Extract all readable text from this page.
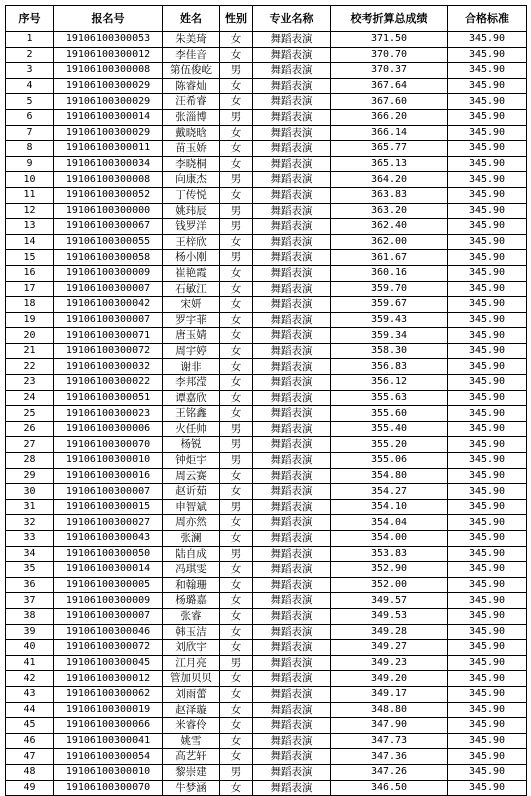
序号	报名号	姓名	性别	专业名称	校考折算总成绩	合格标准
1	19106100300053	朱美琦	女	舞蹈表演	371.50	345.90
2	19106100300012	李佳音	女	舞蹈表演	370.70	345.90
3	19106100300008	第伍俊屹	男	舞蹈表演	370.37	345.90
4	19106100300029	陈睿灿	女	舞蹈表演	367.64	345.90
5	19106100300029	汪希睿	女	舞蹈表演	367.60	345.90
6	19106100300014	张淄博	男	舞蹈表演	366.20	345.90
7	19106100300029	戴晓晗	女	舞蹈表演	366.14	345.90
8	19106100300011	苗玉娇	女	舞蹈表演	365.77	345.90
9	19106100300034	李晓桐	女	舞蹈表演	365.13	345.90
10	19106100300008	向康杰	男	舞蹈表演	364.20	345.90
11	19106100300052	丁传悦	女	舞蹈表演	363.83	345.90
12	19106100300000	姚玮辰	男	舞蹈表演	363.20	345.90
13	19106100300067	钱罗洋	男	舞蹈表演	362.40	345.90
14	19106100300055	王梓欣	女	舞蹈表演	362.00	345.90
15	19106100300058	杨小刚	男	舞蹈表演	361.67	345.90
16	19106100300009	崔艳霞	女	舞蹈表演	360.16	345.90
17	19106100300007	石敏江	女	舞蹈表演	359.70	345.90
18	19106100300042	宋妍	女	舞蹈表演	359.67	345.90
19	19106100300007	罗宇菲	女	舞蹈表演	359.43	345.90
20	19106100300071	唐玉婧	女	舞蹈表演	359.34	345.90
21	19106100300072	周宇婷	女	舞蹈表演	358.30	345.90
22	19106100300032	谢非	女	舞蹈表演	356.83	345.90
23	19106100300022	李邦滢	女	舞蹈表演	356.12	345.90
24	19106100300051	谭嘉欣	女	舞蹈表演	355.63	345.90
25	19106100300023	王铭鑫	女	舞蹈表演	355.60	345.90
26	19106100300006	火任帅	男	舞蹈表演	355.40	345.90
27	19106100300070	杨锐	男	舞蹈表演	355.20	345.90
28	19106100300010	钟炬宇	男	舞蹈表演	355.06	345.90
29	19106100300016	周云赛	女	舞蹈表演	354.80	345.90
30	19106100300007	赵䜣茹	女	舞蹈表演	354.27	345.90
31	19106100300015	申智斌	男	舞蹈表演	354.10	345.90
32	19106100300027	周亦然	女	舞蹈表演	354.04	345.90
33	19106100300043	张澜	女	舞蹈表演	354.00	345.90
34	19106100300050	陆自成	男	舞蹈表演	353.83	345.90
35	19106100300014	冯琪雯	女	舞蹈表演	352.90	345.90
36	19106100300005	和翰珊	女	舞蹈表演	352.00	345.90
37	19106100300009	杨璐嘉	女	舞蹈表演	349.57	345.90
38	19106100300007	张睿	女	舞蹈表演	349.53	345.90
39	19106100300046	韩玉洁	女	舞蹈表演	349.28	345.90
40	19106100300072	刘欣宇	女	舞蹈表演	349.27	345.90
41	19106100300045	江月亮	男	舞蹈表演	349.23	345.90
42	19106100300012	管加贝贝	女	舞蹈表演	349.20	345.90
43	19106100300062	刘雨蕾	女	舞蹈表演	349.17	345.90
44	19106100300019	赵泽璇	女	舞蹈表演	348.80	345.90
45	19106100300066	米睿伶	女	舞蹈表演	347.90	345.90
46	19106100300041	姚雪	女	舞蹈表演	347.73	345.90
47	19106100300054	高艺轩	女	舞蹈表演	347.36	345.90
48	19106100300010	黎崇建	男	舞蹈表演	347.26	345.90
49	19106100300070	牛梦涵	女	舞蹈表演	346.50	345.90
